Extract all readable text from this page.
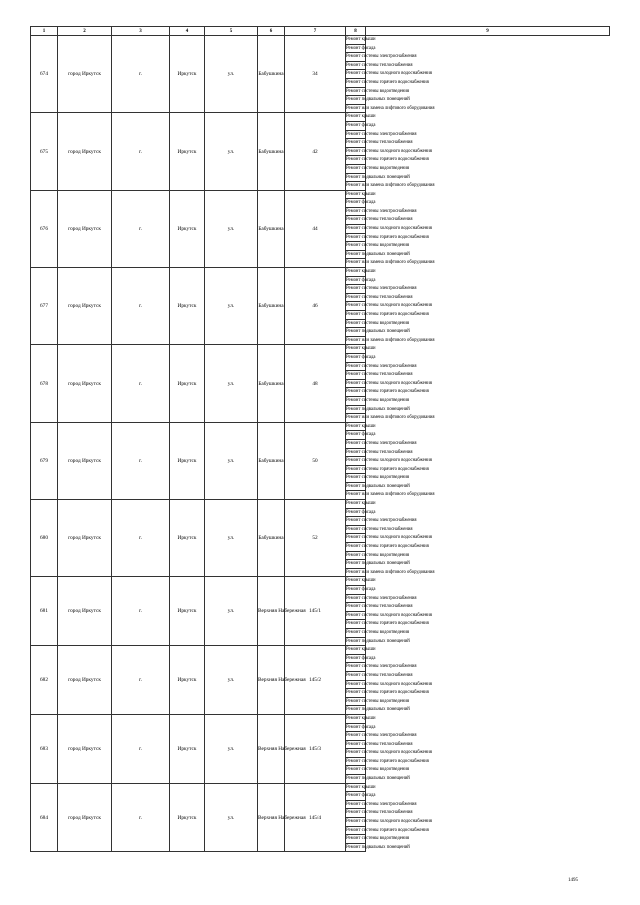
1	2	3	4	5	6	7	8	9
674	город Иркутск	г.	Иркутск	ул.	Бабушкина	34	Ремонт крыши	
							Ремонт фасада	
							Ремонт системы электроснабжения	
							Ремонт системы теплоснабжения	
							Ремонт системы холодного водоснабжения	
							Ремонт системы горячего водоснабжения	
							Ремонт системы водоотведения	
							Ремонт подвальных помещений	
							Ремонт или замена лифтового оборудования	
675	город Иркутск	г.	Иркутск	ул.	Бабушкина	42	Ремонт крыши	
							Ремонт фасада	
							Ремонт системы электроснабжения	
							Ремонт системы теплоснабжения	
							Ремонт системы холодного водоснабжения	
							Ремонт системы горячего водоснабжения	
							Ремонт системы водоотведения	
							Ремонт подвальных помещений	
							Ремонт или замена лифтового оборудования	
676	город Иркутск	г.	Иркутск	ул.	Бабушкина	44	Ремонт крыши	
							Ремонт фасада	
							Ремонт системы электроснабжения	
							Ремонт системы теплоснабжения	
							Ремонт системы холодного водоснабжения	
							Ремонт системы горячего водоснабжения	
							Ремонт системы водоотведения	
							Ремонт подвальных помещений	
							Ремонт или замена лифтового оборудования	
677	город Иркутск	г.	Иркутск	ул.	Бабушкина	46	Ремонт крыши	
							Ремонт фасада	
							Ремонт системы электроснабжения	
							Ремонт системы теплоснабжения	
							Ремонт системы холодного водоснабжения	
							Ремонт системы горячего водоснабжения	
							Ремонт системы водоотведения	
							Ремонт подвальных помещений	
							Ремонт или замена лифтового оборудования	
678	город Иркутск	г.	Иркутск	ул.	Бабушкина	48	Ремонт крыши	
							Ремонт фасада	
							Ремонт системы электроснабжения	
							Ремонт системы теплоснабжения	
							Ремонт системы холодного водоснабжения	
							Ремонт системы горячего водоснабжения	
							Ремонт системы водоотведения	
							Ремонт подвальных помещений	
							Ремонт или замена лифтового оборудования	
679	город Иркутск	г.	Иркутск	ул.	Бабушкина	50	Ремонт крыши	
							Ремонт фасада	
							Ремонт системы электроснабжения	
							Ремонт системы теплоснабжения	
							Ремонт системы холодного водоснабжения	
							Ремонт системы горячего водоснабжения	
							Ремонт системы водоотведения	
							Ремонт подвальных помещений	
							Ремонт или замена лифтового оборудования	
680	город Иркутск	г.	Иркутск	ул.	Бабушкина	52	Ремонт крыши	
							Ремонт фасада	
							Ремонт системы электроснабжения	
							Ремонт системы теплоснабжения	
							Ремонт системы холодного водоснабжения	
							Ремонт системы горячего водоснабжения	
							Ремонт системы водоотведения	
							Ремонт подвальных помещений	
							Ремонт или замена лифтового оборудования	
681	город Иркутск	г.	Иркутск	ул.	Верхняя Набережная	145/1	Ремонт крыши	
							Ремонт фасада	
							Ремонт системы электроснабжения	
							Ремонт системы теплоснабжения	
							Ремонт системы холодного водоснабжения	
							Ремонт системы горячего водоснабжения	
							Ремонт системы водоотведения	
							Ремонт подвальных помещений	
682	город Иркутск	г.	Иркутск	ул.	Верхняя Набережная	145/2	Ремонт крыши	
							Ремонт фасада	
							Ремонт системы электроснабжения	
							Ремонт системы теплоснабжения	
							Ремонт системы холодного водоснабжения	
							Ремонт системы горячего водоснабжения	
							Ремонт системы водоотведения	
							Ремонт подвальных помещений	
683	город Иркутск	г.	Иркутск	ул.	Верхняя Набережная	145/3	Ремонт крыши	
							Ремонт фасада	
							Ремонт системы электроснабжения	
							Ремонт системы теплоснабжения	
							Ремонт системы холодного водоснабжения	
							Ремонт системы горячего водоснабжения	
							Ремонт системы водоотведения	
							Ремонт подвальных помещений	
684	город Иркутск	г.	Иркутск	ул.	Верхняя Набережная	145/4	Ремонт крыши	
							Ремонт фасада	
							Ремонт системы электроснабжения	
							Ремонт системы теплоснабжения	
							Ремонт системы холодного водоснабжения	
							Ремонт системы горячего водоснабжения	
							Ремонт системы водоотведения	
							Ремонт подвальных помещений	
1495
